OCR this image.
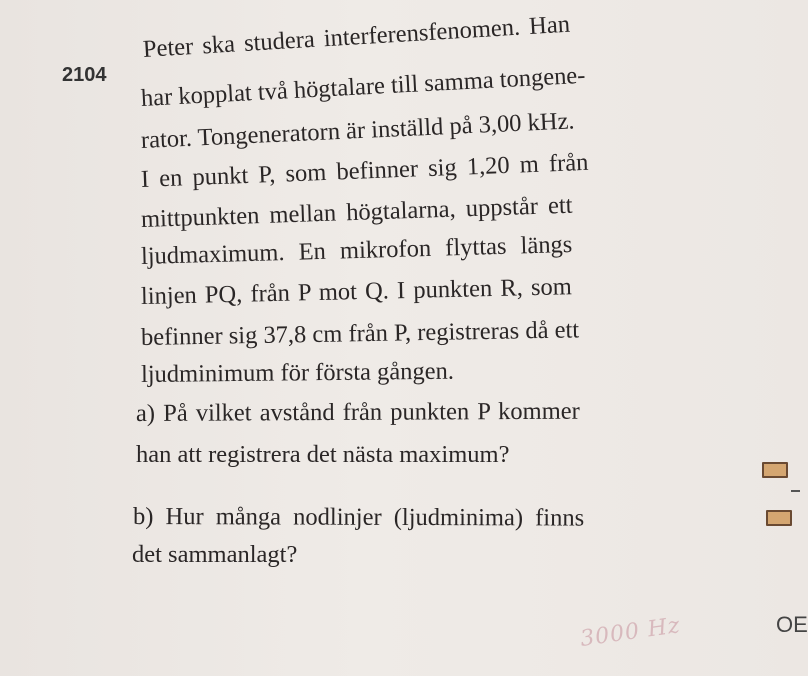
2104
Peter ska studera interferensfenomen. Han
har kopplat två högtalare till samma tongene-
rator. Tongeneratorn är inställd på 3,00 kHz.
I en punkt P, som befinner sig 1,20 m från
mittpunkten mellan högtalarna, uppstår ett
ljudmaximum. En mikrofon flyttas längs
linjen PQ, från P mot Q. I punkten R, som
befinner sig 37,8 cm från P, registreras då ett
ljudminimum för första gången.
a) På vilket avstånd från punkten P kommer
han att registrera det nästa maximum?
b) Hur många nodlinjer (ljudminima) finns
det sammanlagt?
OE
3000 Hz
